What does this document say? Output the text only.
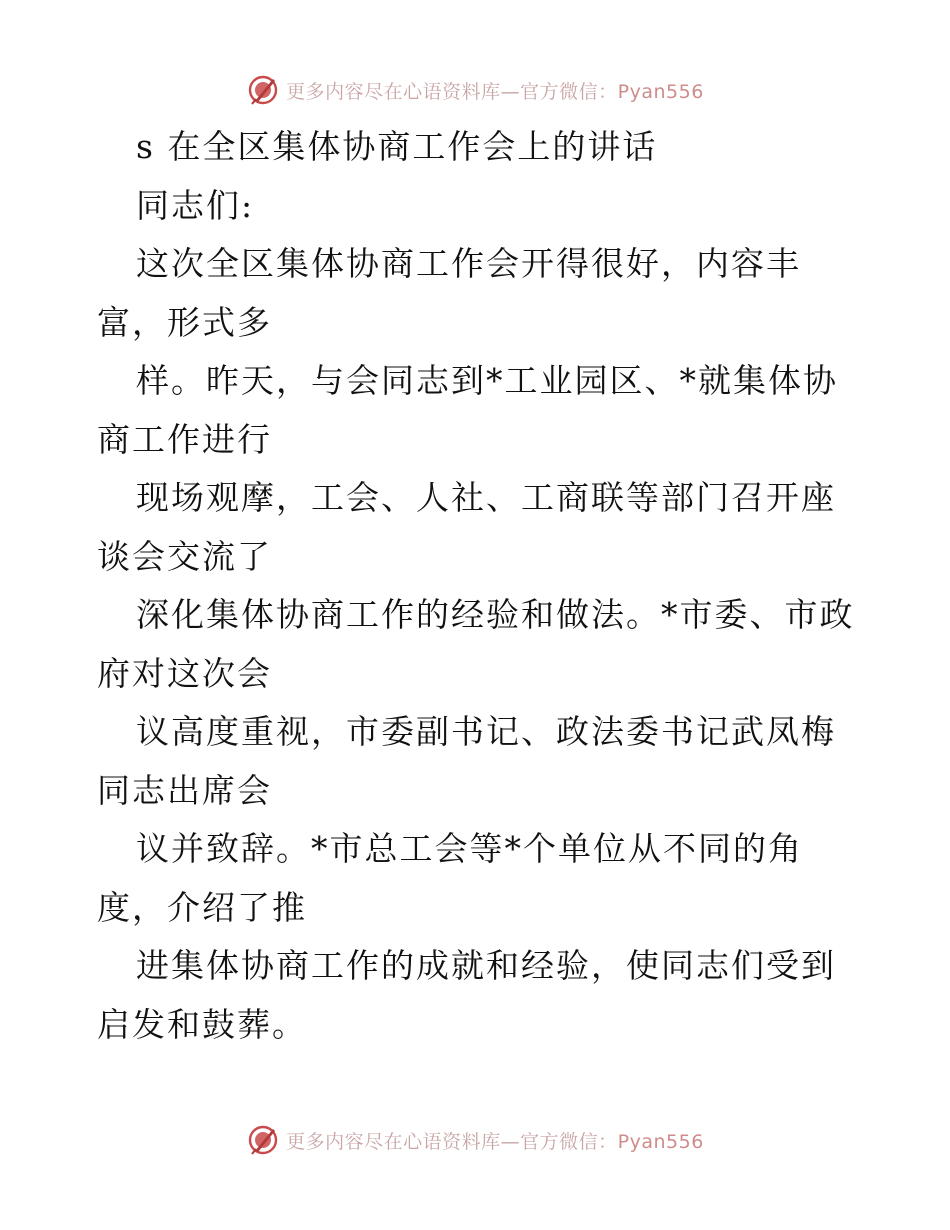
更多内容尽在心语资料库—官方微信：Pyan556

s 在全区集体协商工作会上的讲话

同志们:

这次全区集体协商工作会开得很好，内容丰富，形式多

样。昨天，与会同志到*工业园区、*就集体协商工作进行

现场观摩，工会、人社、工商联等部门召开座谈会交流了

深化集体协商工作的经验和做法。*市委、市政府对这次会

议高度重视，市委副书记、政法委书记武凤梅同志出席会

议并致辞。*市总工会等*个单位从不同的角度，介绍了推

进集体协商工作的成就和经验，使同志们受到启发和鼓葬。

更多内容尽在心语资料库—官方微信：Pyan556
